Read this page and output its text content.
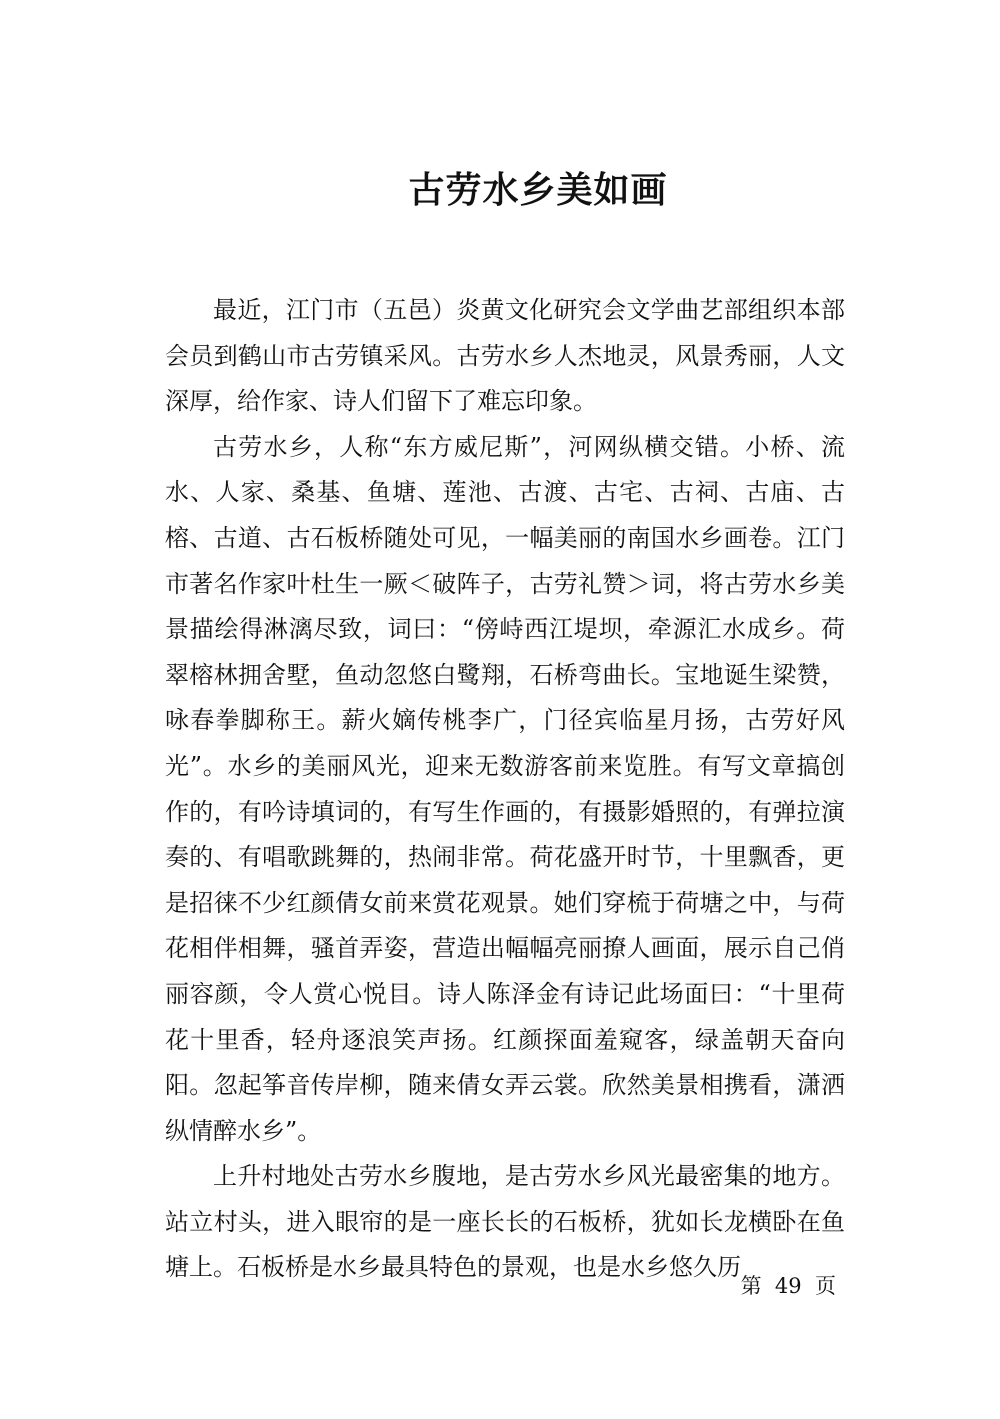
古劳水乡美如画

最近，江门市（五邑）炎黄文化研究会文学曲艺部组织本部会员到鹤山市古劳镇采风。古劳水乡人杰地灵，风景秀丽，人文深厚，给作家、诗人们留下了难忘印象。

古劳水乡，人称“东方威尼斯”，河网纵横交错。小桥、流水、人家、桑基、鱼塘、莲池、古渡、古宅、古祠、古庙、古榕、古道、古石板桥随处可见，一幅美丽的南国水乡画卷。江门市著名作家叶杜生一厥＜破阵子，古劳礼赞＞词，将古劳水乡美景描绘得淋漓尽致，词曰：“傍峙西江堤坝，牵源汇水成乡。荷翠榕林拥舍墅，鱼动忽悠白鹭翔，石桥弯曲长。宝地诞生梁赞，咏春拳脚称王。薪火嫡传桃李广，门径宾临星月扬，古劳好风光”。水乡的美丽风光，迎来无数游客前来览胜。有写文章搞创作的，有吟诗填词的，有写生作画的，有摄影婚照的，有弹拉演奏的、有唱歌跳舞的，热闹非常。荷花盛开时节，十里飘香，更是招徕不少红颜倩女前来赏花观景。她们穿梳于荷塘之中，与荷花相伴相舞，骚首弄姿，营造出幅幅亮丽撩人画面，展示自己俏丽容颜，令人赏心悦目。诗人陈泽金有诗记此场面曰：“十里荷花十里香，轻舟逐浪笑声扬。红颜探面羞窥客，绿盖朝天奋向阳。忽起筝音传岸柳，随来倩女弄云裳。欣然美景相携看，潇洒纵情醉水乡”。

上升村地处古劳水乡腹地，是古劳水乡风光最密集的地方。站立村头，进入眼帘的是一座长长的石板桥，犹如长龙横卧在鱼塘上。石板桥是水乡最具特色的景观，也是水乡悠久历

第  49  页
